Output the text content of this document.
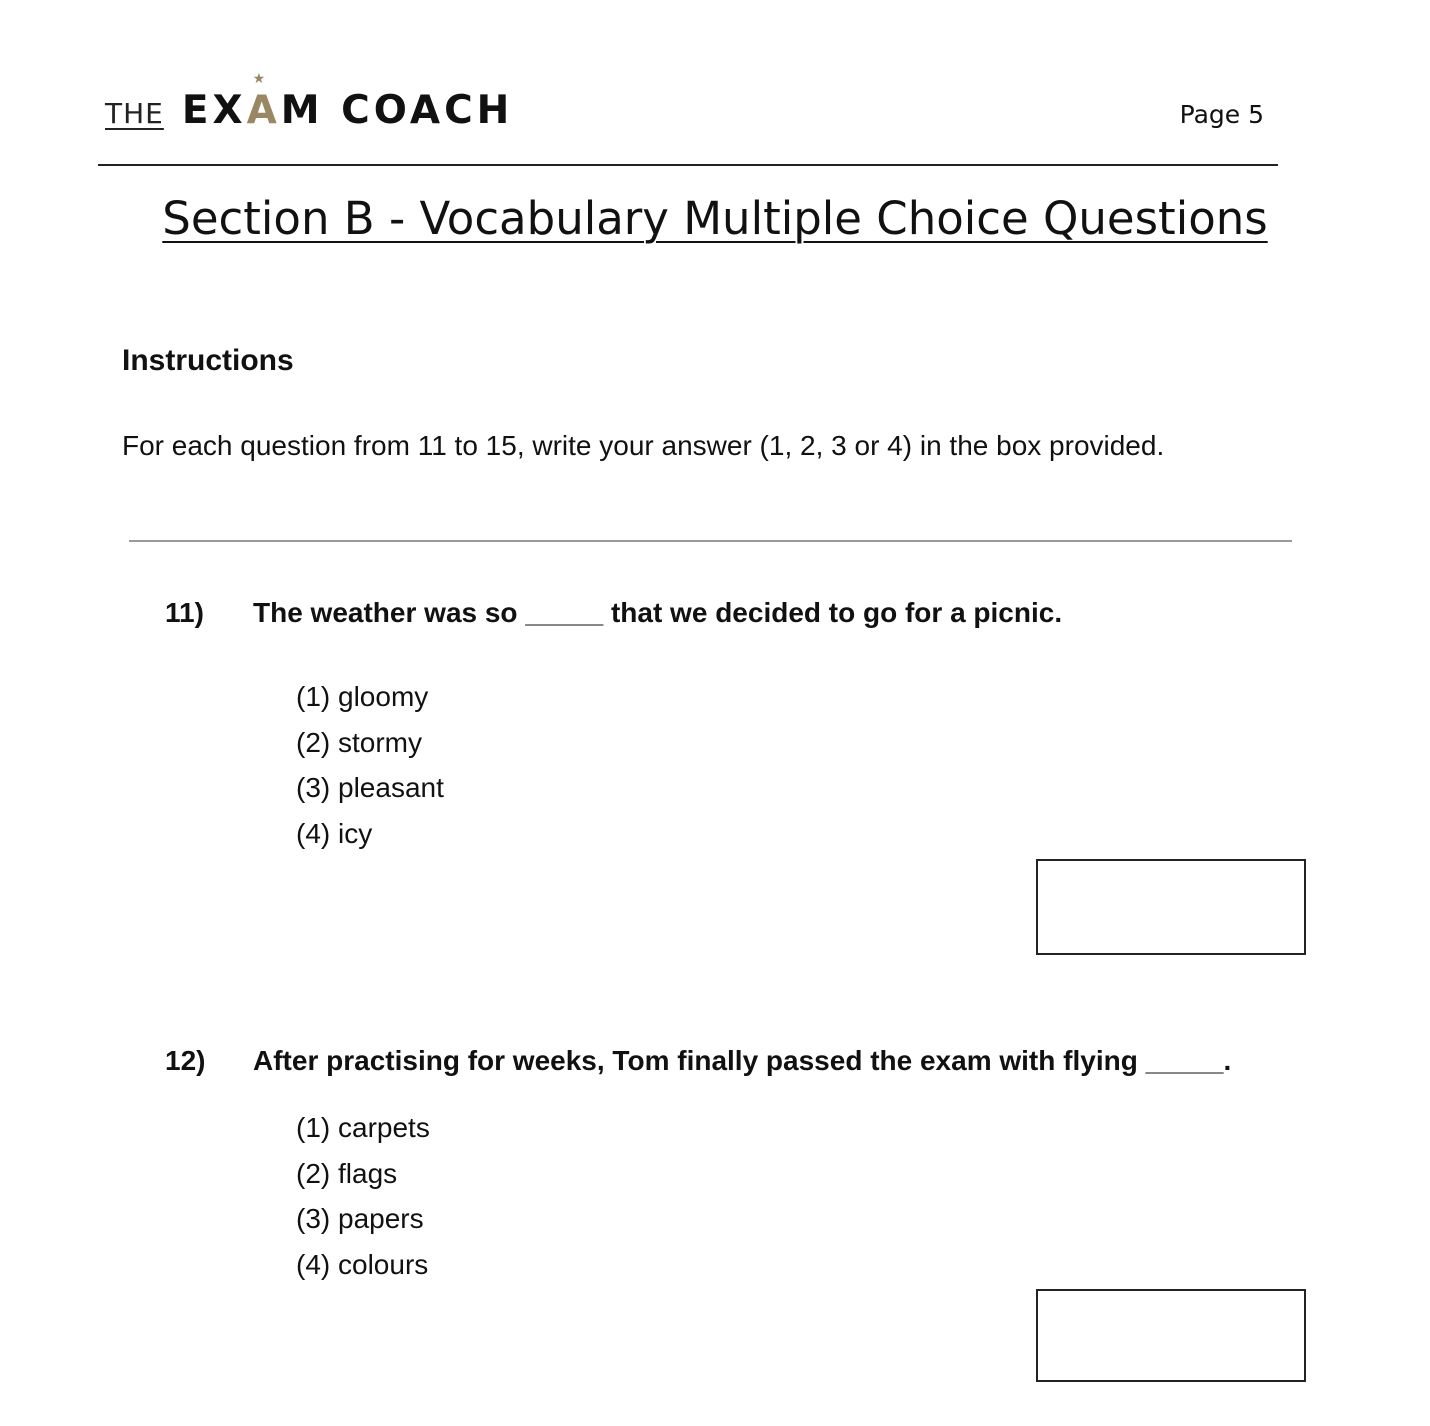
THE EX
★
AM COACH	Page 5
Section B - Vocabulary Multiple Choice Questions
Instructions
For each question from 11 to 15, write your answer (1, 2, 3 or 4) in the box provided.
11) The weather was so _____ that we decided to go for a picnic.
(1) gloomy
(2) stormy
(3) pleasant
(4) icy
12) After practising for weeks, Tom finally passed the exam with flying _____.
(1) carpets
(2) flags
(3) papers
(4) colours
